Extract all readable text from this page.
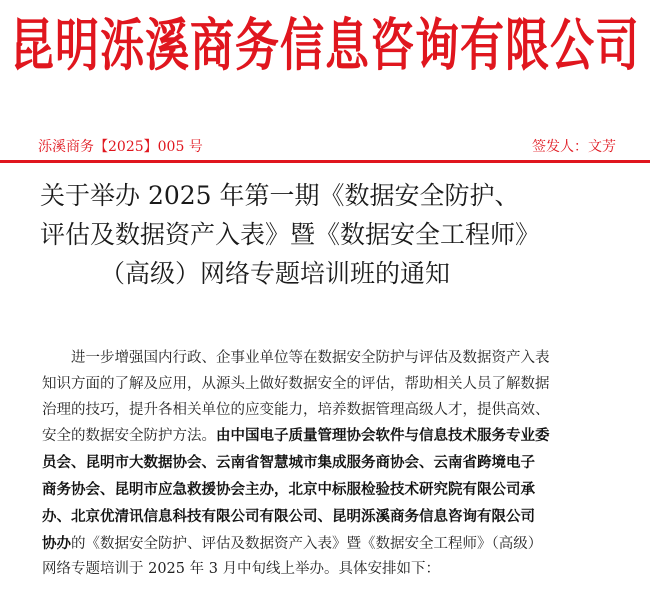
昆明泺溪商务信息咨询有限公司
泺溪商务【2025】005 号	签发人：文芳
关于举办 2025 年第一期《数据安全防护、
评估及数据资产入表》暨《数据安全工程师》
（高级）网络专题培训班的通知
进一步增强国内行政、企事业单位等在数据安全防护与评估及数据资产入表
知识方面的了解及应用，从源头上做好数据安全的评估，帮助相关人员了解数据
治理的技巧，提升各相关单位的应变能力，培养数据管理高级人才，提供高效、
安全的数据安全防护方法。由中国电子质量管理协会软件与信息技术服务专业委
员会、昆明市大数据协会、云南省智慧城市集成服务商协会、云南省跨境电子
商务协会、昆明市应急救援协会主办，北京中标服检验技术研究院有限公司承
办、北京优清讯信息科技有限公司有限公司、昆明泺溪商务信息咨询有限公司
协办的《数据安全防护、评估及数据资产入表》暨《数据安全工程师》（高级）
网络专题培训于 2025 年 3 月中旬线上举办。具体安排如下：
